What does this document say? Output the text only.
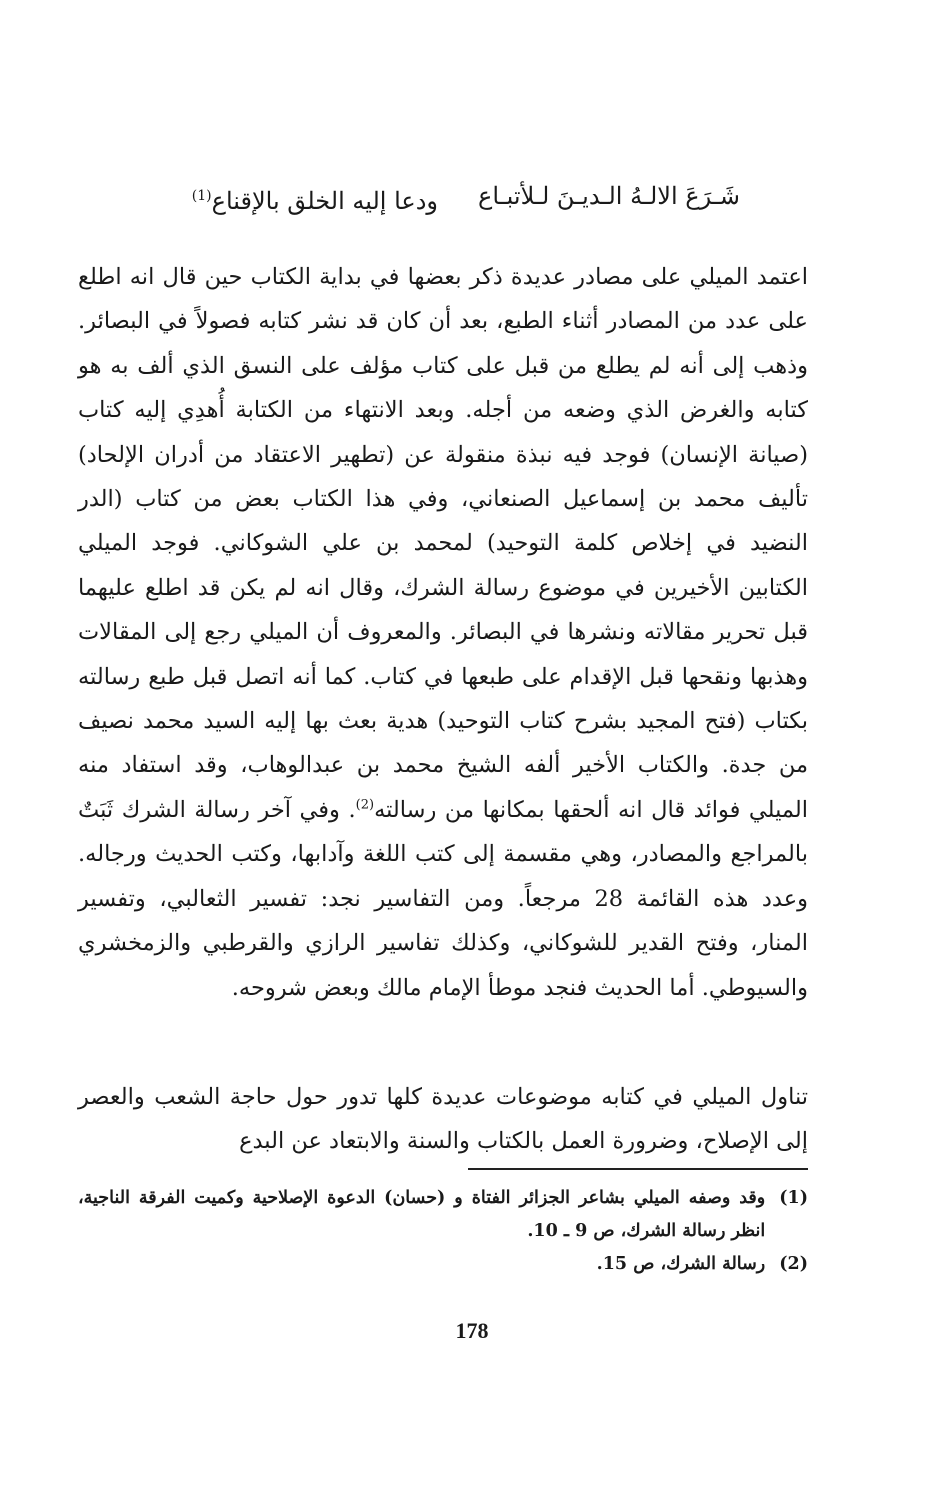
شَـرَعَ الالـهُ الـديـنَ لـلأتبـاع
ودعا إليه الخلق بالإقناع$^{(1)}$

اعتمد الميلي على مصادر عديدة ذكر بعضها في بداية الكتاب حين قال انه اطلع على عدد من المصادر أثناء الطبع، بعد أن كان قد نشر كتابه فصولاً في البصائر. وذهب إلى أنه لم يطلع من قبل على كتاب مؤلف على النسق الذي ألف به هو كتابه والغرض الذي وضعه من أجله. وبعد الانتهاء من الكتابة أُهدِي إليه كتاب (صيانة الإنسان) فوجد فيه نبذة منقولة عن (تطهير الاعتقاد من أدران الإلحاد) تأليف محمد بن إسماعيل الصنعاني، وفي هذا الكتاب بعض من كتاب (الدر النضيد في إخلاص كلمة التوحيد) لمحمد بن علي الشوكاني. فوجد الميلي الكتابين الأخيرين في موضوع رسالة الشرك، وقال انه لم يكن قد اطلع عليهما قبل تحرير مقالاته ونشرها في البصائر. والمعروف أن الميلي رجع إلى المقالات وهذبها ونقحها قبل الإقدام على طبعها في كتاب. كما أنه اتصل قبل طبع رسالته بكتاب (فتح المجيد بشرح كتاب التوحيد) هدية بعث بها إليه السيد محمد نصيف من جدة. والكتاب الأخير ألفه الشيخ محمد بن عبدالوهاب، وقد استفاد منه الميلي فوائد قال انه ألحقها بمكانها من رسالته$^{(2)}$. وفي آخر رسالة الشرك ثَبَتٌ بالمراجع والمصادر، وهي مقسمة إلى كتب اللغة وآدابها، وكتب الحديث ورجاله. وعدد هذه القائمة 28 مرجعاً. ومن التفاسير نجد: تفسير الثعالبي، وتفسير المنار، وفتح القدير للشوكاني، وكذلك تفاسير الرازي والقرطبي والزمخشري والسيوطي. أما الحديث فنجد موطأ الإمام مالك وبعض شروحه.

تناول الميلي في كتابه موضوعات عديدة كلها تدور حول حاجة الشعب والعصر إلى الإصلاح، وضرورة العمل بالكتاب والسنة والابتعاد عن البدع

(1)
وقد وصفه الميلي بشاعر الجزائر الفتاة و (حسان) الدعوة الإصلاحية وكميت الفرقة الناجية، انظر رسالة الشرك، ص 9 ـ 10.
(2)
رسالة الشرك، ص 15.
178
